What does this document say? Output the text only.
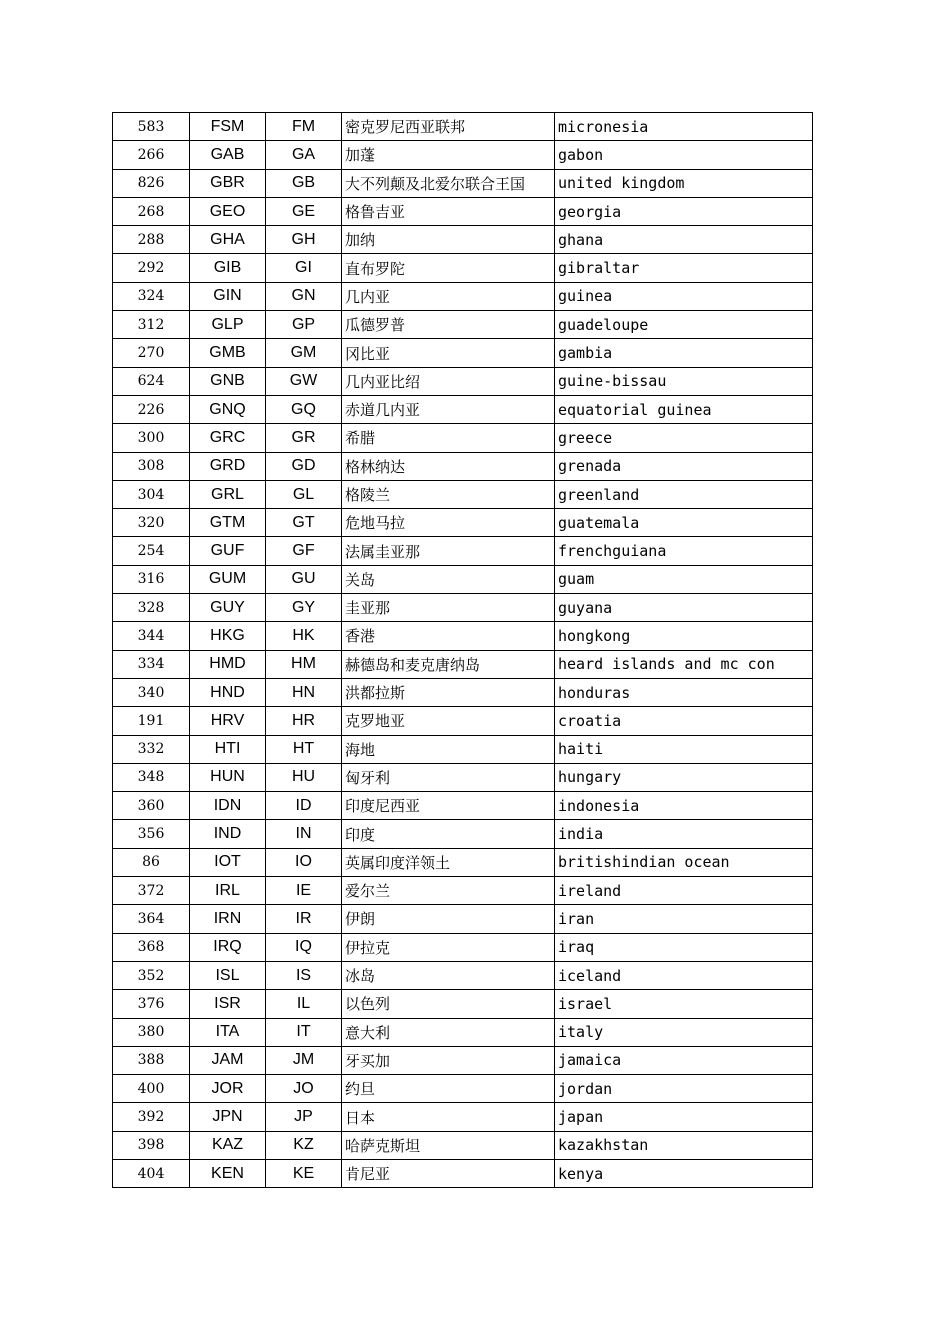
583	FSM	FM	密克罗尼西亚联邦	micronesia
266	GAB	GA	加蓬	gabon
826	GBR	GB	大不列颠及北爱尔联合王国	united kingdom
268	GEO	GE	格鲁吉亚	georgia
288	GHA	GH	加纳	ghana
292	GIB	GI	直布罗陀	gibraltar
324	GIN	GN	几内亚	guinea
312	GLP	GP	瓜德罗普	guadeloupe
270	GMB	GM	冈比亚	gambia
624	GNB	GW	几内亚比绍	guine-bissau
226	GNQ	GQ	赤道几内亚	equatorial guinea
300	GRC	GR	希腊	greece
308	GRD	GD	格林纳达	grenada
304	GRL	GL	格陵兰	greenland
320	GTM	GT	危地马拉	guatemala
254	GUF	GF	法属圭亚那	frenchguiana
316	GUM	GU	关岛	guam
328	GUY	GY	圭亚那	guyana
344	HKG	HK	香港	hongkong
334	HMD	HM	赫德岛和麦克唐纳岛	heard islands and mc con
340	HND	HN	洪都拉斯	honduras
191	HRV	HR	克罗地亚	croatia
332	HTI	HT	海地	haiti
348	HUN	HU	匈牙利	hungary
360	IDN	ID	印度尼西亚	indonesia
356	IND	IN	印度	india
86	IOT	IO	英属印度洋领土	britishindian ocean
372	IRL	IE	爱尔兰	ireland
364	IRN	IR	伊朗	iran
368	IRQ	IQ	伊拉克	iraq
352	ISL	IS	冰岛	iceland
376	ISR	IL	以色列	israel
380	ITA	IT	意大利	italy
388	JAM	JM	牙买加	jamaica
400	JOR	JO	约旦	jordan
392	JPN	JP	日本	japan
398	KAZ	KZ	哈萨克斯坦	kazakhstan
404	KEN	KE	肯尼亚	kenya
